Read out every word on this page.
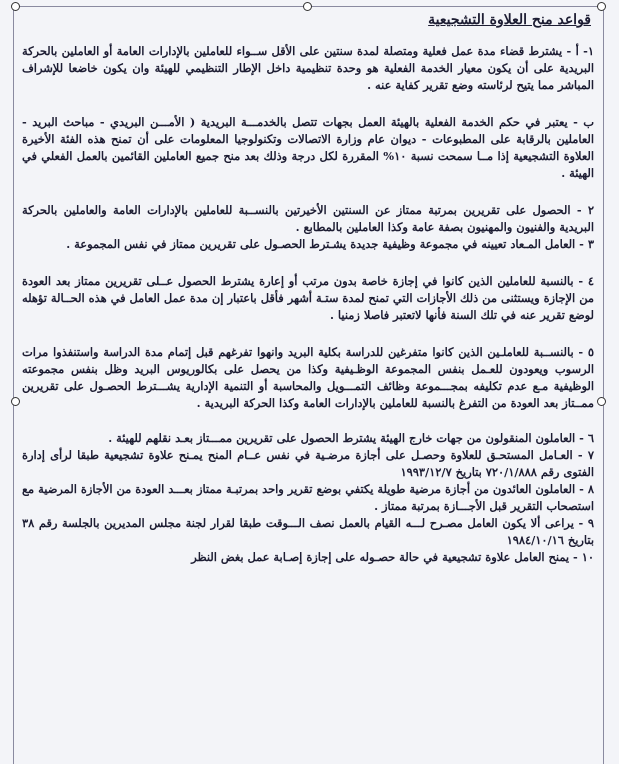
قواعد منح العلاوة التشجيعية

١- أ - يشترط قضاء مدة عمل فعلية ومتصلة لمدة سنتين على الأقل ســواء للعاملين بالإدارات العامة أو العاملين بالحركة البريدية على أن يكون معيار الخدمة الفعلية هو وحدة تنظيمية داخل الإطار التنظيمي للهيئة وان يكون خاضعا للإشراف المباشر مما يتيح لرئاسته وضع تقرير كفاية عنه .

ب - يعتبر في حكم الخدمة الفعلية بالهيئة العمل بجهات تتصل بالخدمـــة البريدية ( الأمـــن البريدي - مباحث البريد - العاملين بالرقابة على المطبوعات - ديوان عام وزارة الاتصالات وتكنولوجيا المعلومات على أن تمنح هذه الفئة الأخيرة العلاوة التشجيعية إذا مــا سمحت نسبة ١٠% المقررة لكل درجة وذلك بعد منح جميع العاملين القائمين بالعمل الفعلي في الهيئة .

٢ - الحصول على تقريرين بمرتبة ممتاز عن السنتين الأخيرتين بالنســبة للعاملين بالإدارات العامة والعاملين بالحركة البريدية والفنيون والمهنيون بصفة عامة وكذا العاملين بالمطابع .

٣ - العامل المـعاد تعيينه في مجموعة وظيفية جديدة يشـترط الحصـول على تقريرين ممتاز في نفس المجموعة .

٤ - بالنسبة للعاملين الذين كانوا في إجازة خاصة بدون مرتب أو إعارة يشترط الحصول عــلى تقريرين ممتاز بعد العودة من الإجازة ويستثنى من ذلك الأجازات التي تمنح لمدة ستـة أشهر فأقل باعتبار إن مدة عمل العامل في هذه الحــالة تؤهله لوضع تقرير عنه في تلك السنة فأنها لاتعتبر فاصلا زمنيا .

٥ - بالنســبة للعاملـين الذين كانوا متفرغين للدراسة بكلية البريد وانهوا تفرغهم قبل إتمام مدة الدراسة واستنفذوا مرات الرسوب ويعودون للعـمل بنفس المجموعة الوظـيفية وكذا من يحصل على بكالوريوس البريد وظل بنفس مجموعته الوظيفية مـع عدم تكليفه بمجـــموعة وظائف التمـــويل والمحاسبة أو التنمية الإدارية يشـــترط الحصـول على تقريرين ممــتاز بعد العودة من التفرغ بالنسبة للعاملين بالإدارات العامة وكذا الحركة البريدية .

٦ - العاملون المنقولون من جهات خارج الهيئة يشترط الحصول على تقريرين ممـــتاز بعـد نقلهم للهيئة .

٧ - العـامل المستحـق للعلاوة وحصـل على أجازة مرضـية في نفس عــام المنح يمـنح علاوة تشجيعية طبقا لرأى إدارة الفتوى رقم ٧٢٠/١/٨٨٨ بتاريخ ١٩٩٣/١٢/٧

٨ - العاملون العائدون من أجازة مرضية طويلة يكتفي بوضع تقرير واحد بمرتبـة ممتاز بعـــد العودة من الأجازة المرضية مع استصحاب التقرير قبل الأجـــازة بمرتبة ممتاز .

٩ - يراعى ألا يكون العامل مصـرح لـــه القيام بالعمل نصف الـــوقت طبقا لقرار لجنة مجلس المديرين بالجلسة رقم ٣٨ بتاريخ ١٩٨٤/١٠/١٦

١٠ - يمنح العامل علاوة تشجيعية في حالة حصـوله على إجازة إصـابة عمل بغض النظر
